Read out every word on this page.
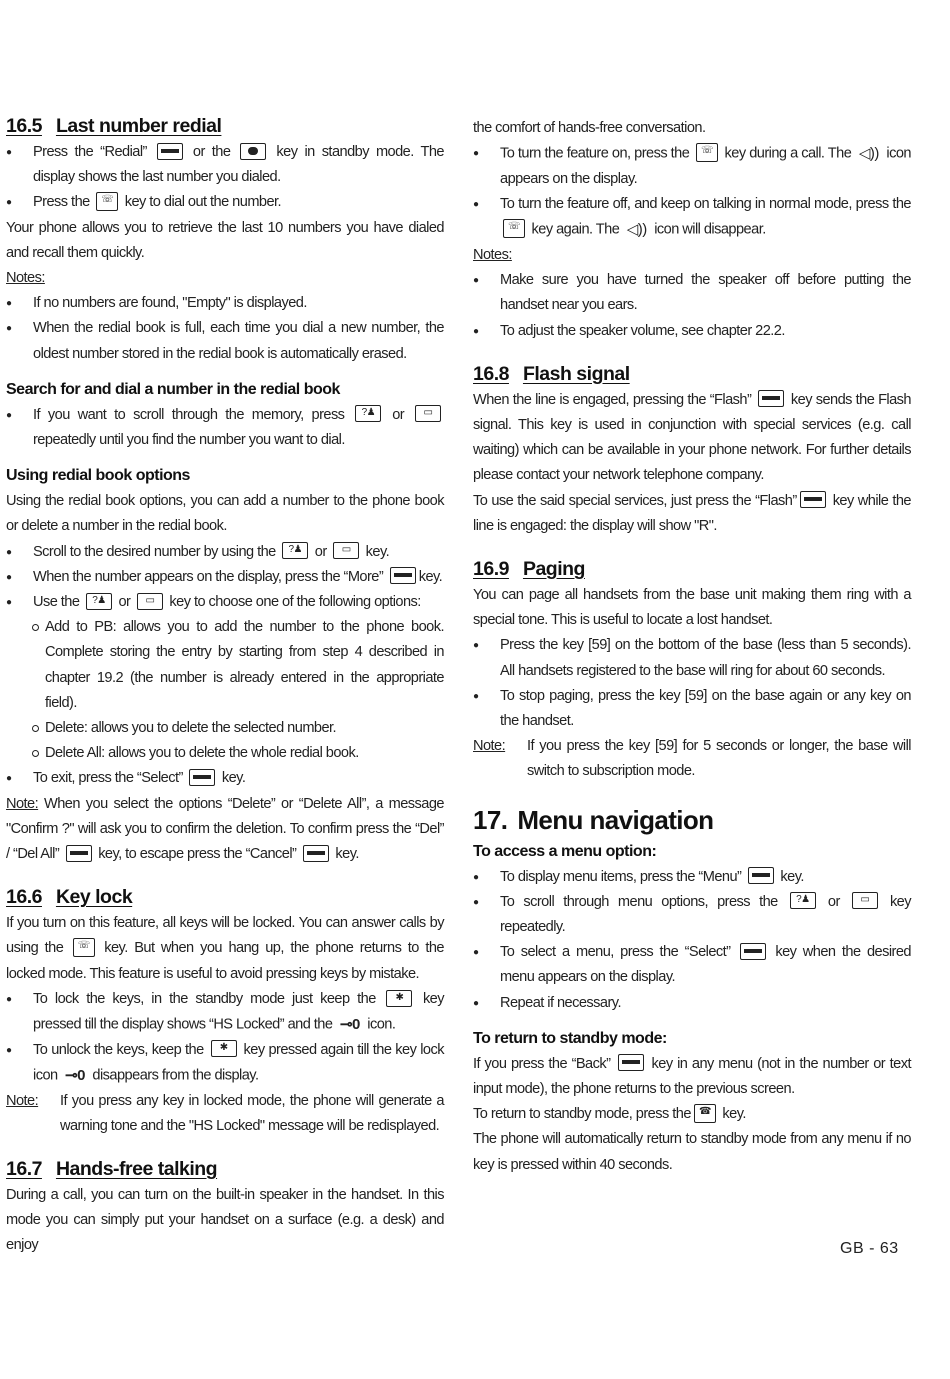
16.5 Last number redial
● Press the “Redial”	or the	key in standby mode. The display shows the last number you dialed.
● Press the	☏ key to dial out the number.
Your phone allows you to retrieve the last 10 numbers you have dialed and recall them quickly.
Notes:
● If no numbers are found, "Empty" is displayed.
● When the redial book is full, each time you dial a new number, the oldest number stored in the redial book is automatically erased.
Search for and dial a number in the redial book
● If you want to scroll through the memory, press	?♟	or	▭
repeatedly until you find the number you want to dial.
Using redial book options
Using the redial book options, you can add a number to the phone book or delete a number in the redial book.
● Scroll to the desired number by using the	?♟ or	▭	key.
● When the number appears on the display, press the “More” key.
● Use the	?♟ or	▭	key to choose one of the following options:
Add to PB: allows you to add the number to the phone book. Complete storing the entry by starting from step 4 described in chapter 19.2 (the number is already entered in the appropriate field).
Delete: allows you to delete the selected number.
Delete All: allows you to delete the whole redial book.
● To exit, press the “Select”	key.
Note: When you select the options “Delete” or “Delete All”, a message "Confirm ?" will ask you to confirm the deletion. To confirm press the “Del” / “Del All”	key, to escape press the “Cancel”	key.
16.6 Key lock
If you turn on this feature, all keys will be locked. You can answer calls by using the	☏ key. But when you hang up, the phone returns to the locked mode. This feature is useful to avoid pressing keys by mistake.
● To lock the keys, in the standby mode just keep the	✱	key pressed till the display shows “HS Locked” and the ⊸0 icon.
● To unlock the keys, keep the	✱	key pressed again till the key lock icon ⊸0 disappears from the display.
Note:	If you press any key in locked mode, the phone will generate a warning tone and the "HS Locked" message will be redisplayed.
16.7 Hands-free talking
During a call, you can turn on the built-in speaker in the handset. In this mode you can simply put your handset on a surface (e.g. a desk) and enjoy
the comfort of hands-free conversation.
● To turn the feature on, press the	☏ key during a call. The ◁)) icon appears on the display.
● To turn the feature off, and keep on talking in normal mode, press the
☏ key again. The ◁)) icon will disappear.
Notes:
● Make sure you have turned the speaker off before putting the handset near you ears.
● To adjust the speaker volume, see chapter 22.2.
16.8 Flash signal
When the line is engaged, pressing the “Flash”	key sends the Flash signal. This key is used in conjunction with special services (e.g. call waiting) which can be available in your phone network. For further details please contact your network telephone company.
To use the said special services, just press the “Flash” key while the line is engaged: the display will show "R".
16.9 Paging
You can page all handsets from the base unit making them ring with a special tone. This is useful to locate a lost handset.
● Press the key [59] on the bottom of the base (less than 5 seconds). All handsets registered to the base will ring for about 60 seconds.
● To stop paging, press the key [59] on the base again or any key on the handset.
Note:	If you press the key [59] for 5 seconds or longer, the base will switch to subscription mode.
17. Menu navigation
To access a menu option:
● To display menu items, press the “Menu”	key.
● To scroll through menu options, press the	?♟	or	▭	key repeatedly.
● To select a menu, press the “Select”	key when the desired menu appears on the display.
● Repeat if necessary.
To return to standby mode:
If you press the “Back”	key in any menu (not in the number or text input mode), the phone returns to the previous screen.
To return to standby mode, press the ☎ key.
The phone will automatically return to standby mode from any menu if no key is pressed within 40 seconds.
GB - 63
